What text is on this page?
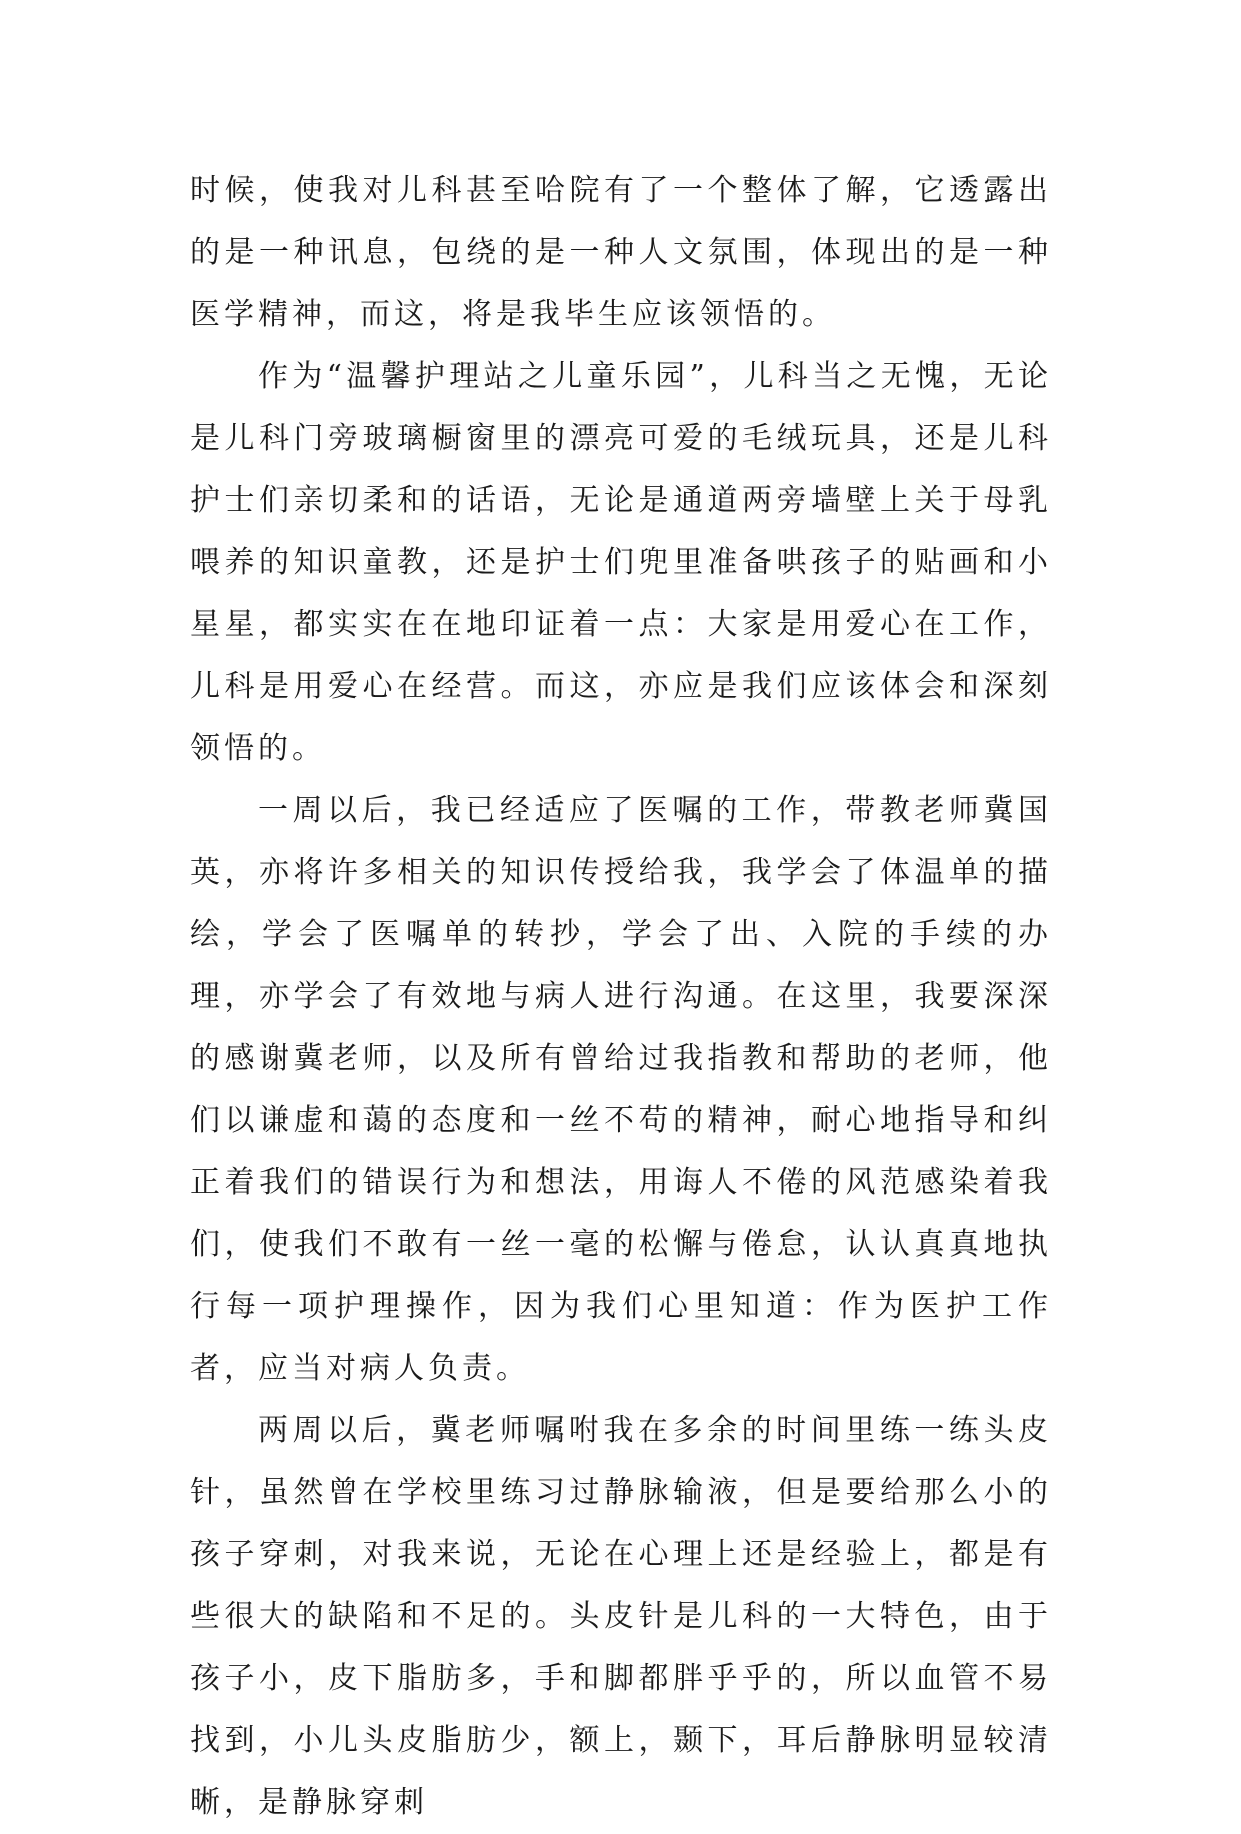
时候，使我对儿科甚至哈院有了一个整体了解，它透露出的是一种讯息，包绕的是一种人文氛围，体现出的是一种医学精神，而这，将是我毕生应该领悟的。

作为“温馨护理站之儿童乐园”，儿科当之无愧，无论是儿科门旁玻璃橱窗里的漂亮可爱的毛绒玩具，还是儿科护士们亲切柔和的话语，无论是通道两旁墙壁上关于母乳喂养的知识童教，还是护士们兜里准备哄孩子的贴画和小星星，都实实在在地印证着一点：大家是用爱心在工作，儿科是用爱心在经营。而这，亦应是我们应该体会和深刻领悟的。

一周以后，我已经适应了医嘱的工作，带教老师冀国英，亦将许多相关的知识传授给我，我学会了体温单的描绘，学会了医嘱单的转抄，学会了出、入院的手续的办理，亦学会了有效地与病人进行沟通。在这里，我要深深的感谢冀老师，以及所有曾给过我指教和帮助的老师，他们以谦虚和蔼的态度和一丝不苟的精神，耐心地指导和纠正着我们的错误行为和想法，用诲人不倦的风范感染着我们，使我们不敢有一丝一毫的松懈与倦怠，认认真真地执行每一项护理操作，因为我们心里知道：作为医护工作者，应当对病人负责。

两周以后，冀老师嘱咐我在多余的时间里练一练头皮针，虽然曾在学校里练习过静脉输液，但是要给那么小的孩子穿刺，对我来说，无论在心理上还是经验上，都是有些很大的缺陷和不足的。头皮针是儿科的一大特色，由于孩子小，皮下脂肪多，手和脚都胖乎乎的，所以血管不易找到，小儿头皮脂肪少，额上，颞下，耳后静脉明显较清晰，是静脉穿刺
